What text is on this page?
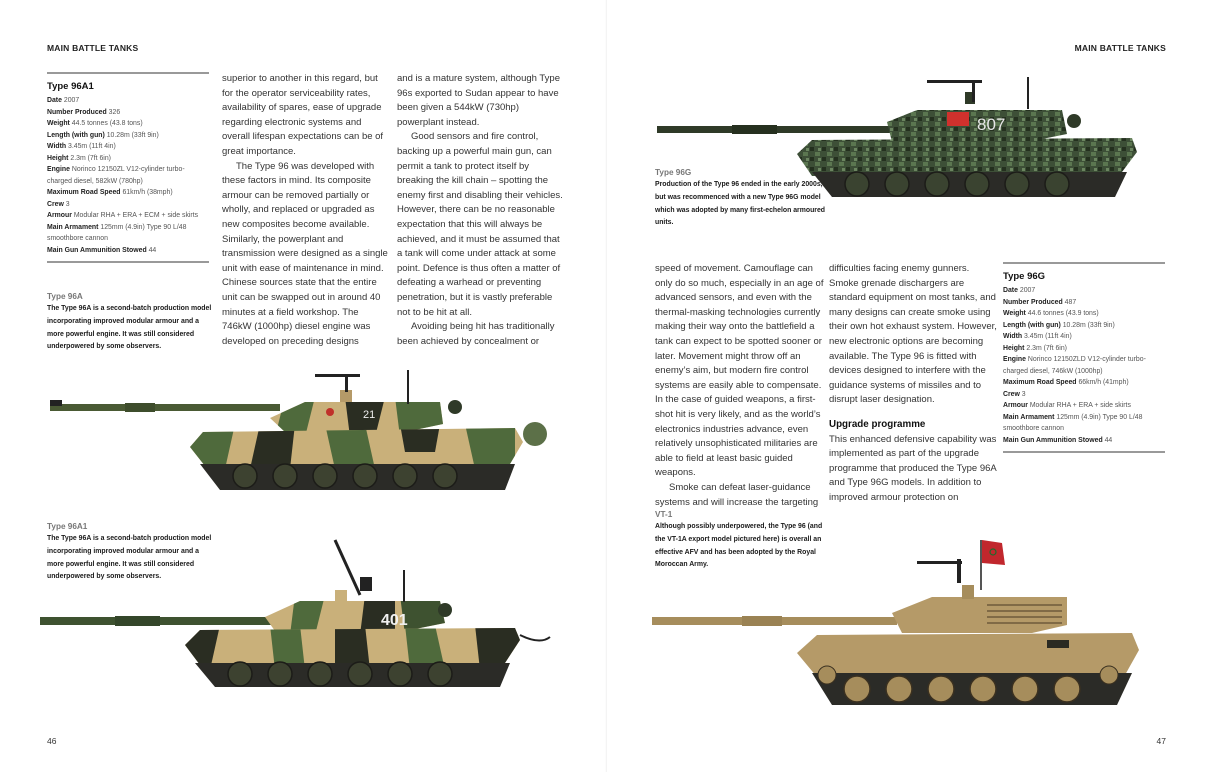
MAIN BATTLE TANKS
Type 96A1
Date 2007
Number Produced 326
Weight 44.5 tonnes (43.8 tons)
Length (with gun) 10.28m (33ft 9in)
Width 3.45m (11ft 4in)
Height 2.3m (7ft 6in)
Engine Norinco 12150ZL V12-cylinder turbo-charged diesel, 582kW (780hp)
Maximum Road Speed 61km/h (38mph)
Crew 3
Armour Modular RHA + ERA + ECM + side skirts
Main Armament 125mm (4.9in) Type 90 L/48 smoothbore cannon
Main Gun Ammunition Stowed 44

superior to another in this regard, but for the operator serviceability rates, availability of spares, ease of upgrade regarding electronic systems and overall lifespan expectations can be of great importance.

The Type 96 was developed with these factors in mind. Its composite armour can be removed partially or wholly, and replaced or upgraded as new composites become available. Similarly, the powerplant and transmission were designed as a single unit with ease of maintenance in mind. Chinese sources state that the entire unit can be swapped out in around 40 minutes at a field workshop. The 746kW (1000hp) diesel engine was developed on preceding designs

and is a mature system, although Type 96s exported to Sudan appear to have been given a 544kW (730hp) powerplant instead.

Good sensors and fire control, backing up a powerful main gun, can permit a tank to protect itself by breaking the kill chain – spotting the enemy first and disabling their vehicles. However, there can be no reasonable expectation that this will always be achieved, and it must be assumed that a tank will come under attack at some point. Defence is thus often a matter of defeating a warhead or preventing penetration, but it is vastly preferable not to be hit at all.

Avoiding being hit has traditionally been achieved by concealment or

Type 96A
The Type 96A is a second-batch production model incorporating improved modular armour and a more powerful engine. It was still considered underpowered by some observers.
21
Type 96A1
The Type 96A is a second-batch production model incorporating improved modular armour and a more powerful engine. It was still considered underpowered by some observers.
401
46
MAIN BATTLE TANKS
807
Type 96G
Production of the Type 96 ended in the early 2000s, but was recommenced with a new Type 96G model which was adopted by many first-echelon armoured units.

speed of movement. Camouflage can only do so much, especially in an age of advanced sensors, and even with the thermal-masking technologies currently making their way onto the battlefield a tank can expect to be spotted sooner or later. Movement might throw off an enemy’s aim, but modern fire control systems are easily able to compensate. In the case of guided weapons, a first-shot hit is very likely, and as the world’s electronics industries advance, even relatively unsophisticated militaries are able to field at least basic guided weapons.

Smoke can defeat laser-guidance systems and will increase the targeting

difficulties facing enemy gunners. Smoke grenade dischargers are standard equipment on most tanks, and many designs can create smoke using their own hot exhaust system. However, new electronic options are becoming available. The Type 96 is fitted with devices designed to interfere with the guidance systems of missiles and to disrupt laser designation.

Upgrade programme

This enhanced defensive capability was implemented as part of the upgrade programme that produced the Type 96A and Type 96G models. In addition to improved armour protection on

Type 96G
Date 2007
Number Produced 487
Weight 44.6 tonnes (43.9 tons)
Length (with gun) 10.28m (33ft 9in)
Width 3.45m (11ft 4in)
Height 2.3m (7ft 6in)
Engine Norinco 12150ZLD V12-cylinder turbo-charged diesel, 746kW (1000hp)
Maximum Road Speed 66km/h (41mph)
Crew 3
Armour Modular RHA + ERA + side skirts
Main Armament 125mm (4.9in) Type 90 L/48 smoothbore cannon
Main Gun Ammunition Stowed 44
VT-1
Although possibly underpowered, the Type 96 (and the VT-1A export model pictured here) is overall an effective AFV and has been adopted by the Royal Moroccan Army.
47
